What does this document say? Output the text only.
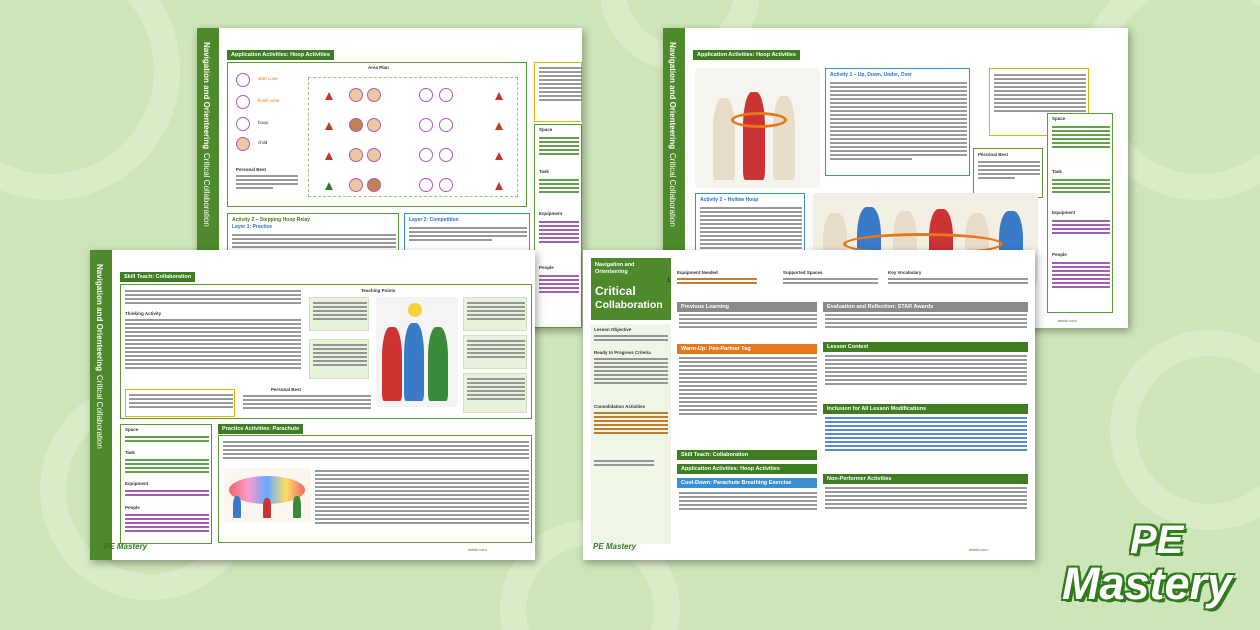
Navigation and Orienteering
Critical Collaboration
Application Activities: Hoop Activities
Area Plan
start cone
finish cone
hoop
child
Personal Best
Space
Task
Equipment
People
Activity 2 – Stepping Hoop Relay
Layer 1: Practice
Layer 2: Competition
Navigation and Orienteering
Critical Collaboration
Application Activities: Hoop Activities
Activity 1 – Up, Down, Under, Over
Personal Best
Space
Task
Equipment
People
Activity 2 – Hollow Hoop
twinkl.com
Navigation and Orienteering
Critical Collaboration
Skill Teach: Collaboration
Thinking Activity
Teaching Points
Personal Best
Space
Task
Equipment
People
Practice Activities: Parachute
PE Mastery	twinkl.com
Navigation and Orienteering
Critical
Collaboration
1
Equipment Needed	Supported Spaces	Key Vocabulary
Lesson Objective
Ready to Progress Criteria
Consolidation Activities
Previous Learning
Warm-Up: Pen-Partner Tag
Skill Teach: Collaboration
Application Activities: Hoop Activities
Cool-Down: Parachute Breathing Exercise
Evaluation and Reflection: STAR Awards
Lesson Context
Inclusion for All Lesson Modifications
Non-Performer Activities
PE Mastery	twinkl.com	PE
Mastery
